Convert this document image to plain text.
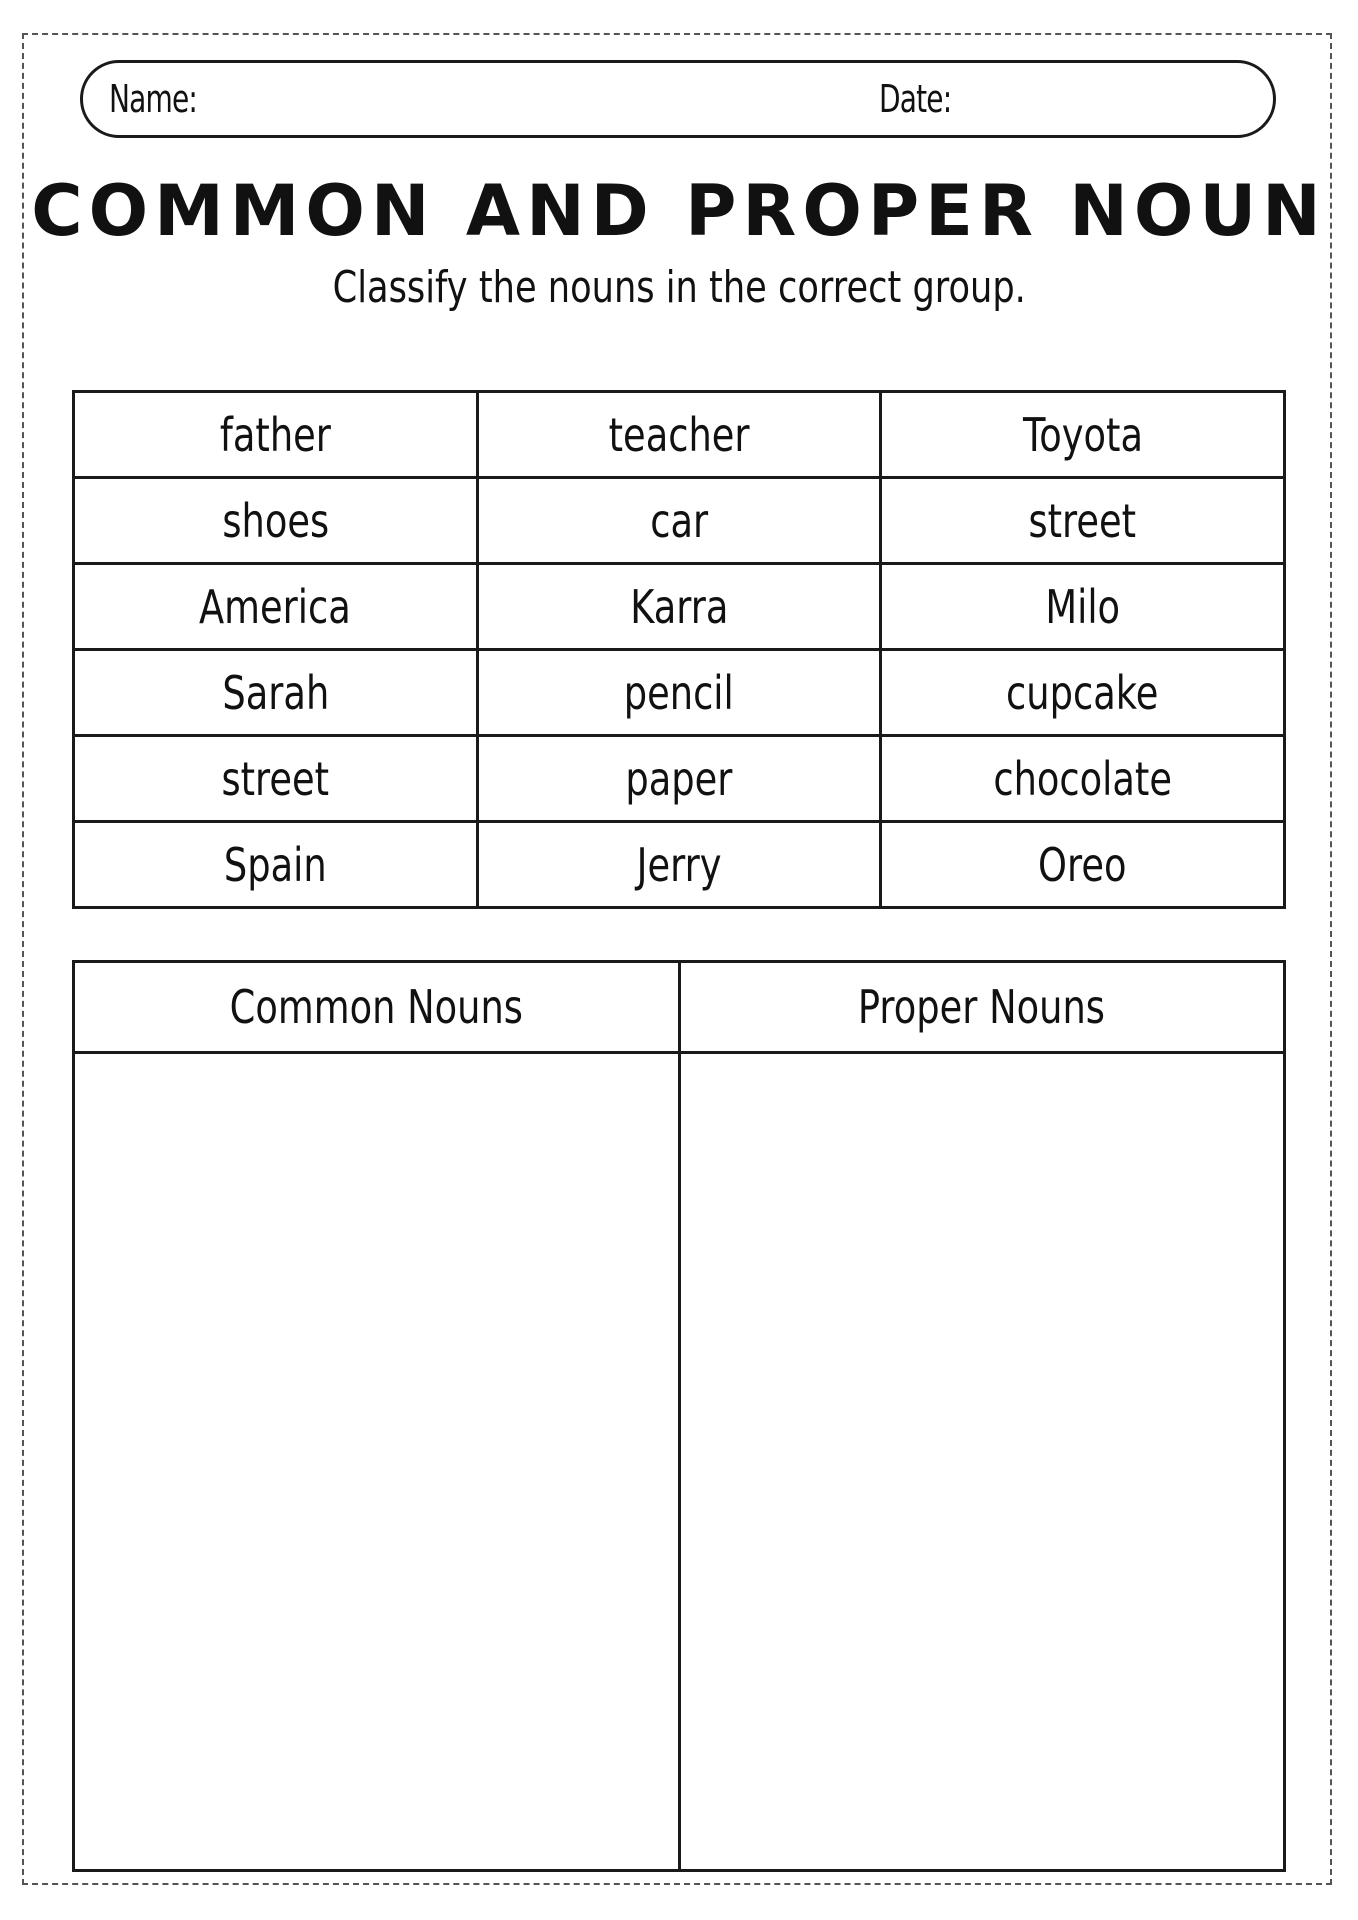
Name:	Date:
COMMON AND PROPER NOUN
Classify the nouns in the correct group.
father	teacher	Toyota
shoes	car	street
America	Karra	Milo
Sarah	pencil	cupcake
street	paper	chocolate
Spain	Jerry	Oreo
Common Nouns	Proper Nouns
